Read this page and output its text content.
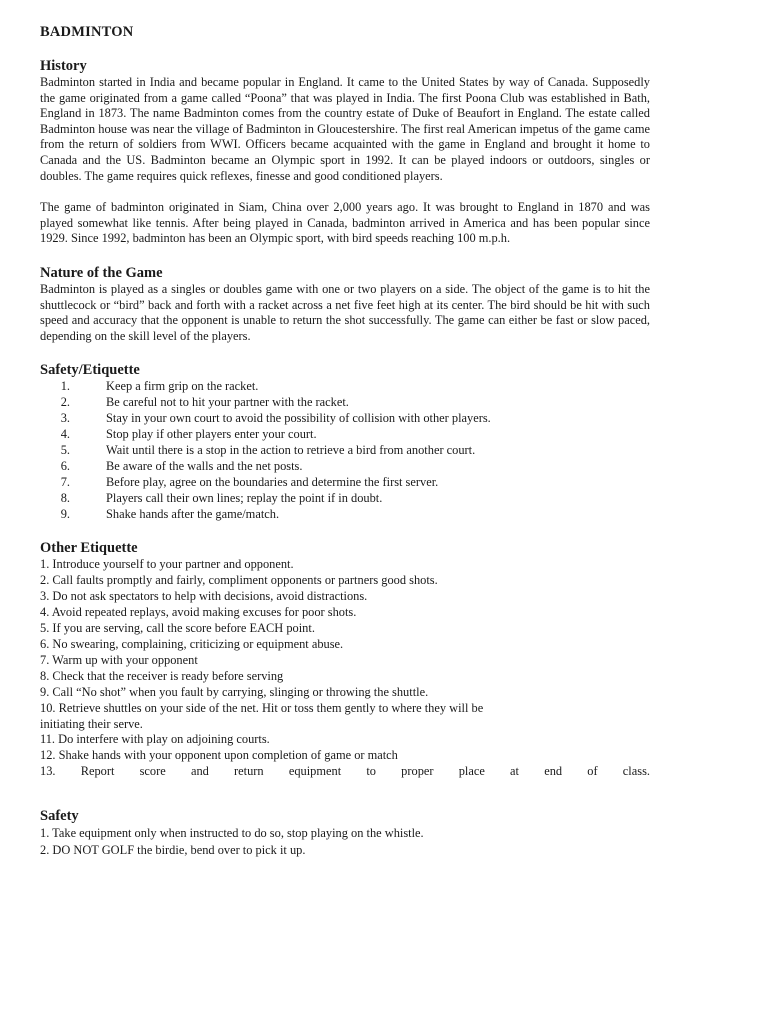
BADMINTON
History

Badminton started in India and became popular in England. It came to the United States by way of Canada. Supposedly the game originated from a game called “Poona” that was played in India. The first Poona Club was established in Bath, England in 1873. The name Badminton comes from the country estate of Duke of Beaufort in England. The estate called Badminton house was near the village of Badminton in Gloucestershire. The first real American impetus of the game came from the return of soldiers from WWI. Officers became acquainted with the game in England and brought it home to Canada and the US. Badminton became an Olympic sport in 1992. It can be played indoors or outdoors, singles or doubles. The game requires quick reflexes, finesse and good conditioned players.

The game of badminton originated in Siam, China over 2,000 years ago. It was brought to England in 1870 and was played somewhat like tennis. After being played in Canada, badminton arrived in America and has been popular since 1929. Since 1992, badminton has been an Olympic sport, with bird speeds reaching 100 m.p.h.

Nature of the Game

Badminton is played as a singles or doubles game with one or two players on a side. The object of the game is to hit the shuttlecock or “bird” back and forth with a racket across a net five feet high at its center. The bird should be hit with such speed and accuracy that the opponent is unable to return the shot successfully. The game can either be fast or slow paced, depending on the skill level of the players.

Safety/Etiquette
1.	Keep a firm grip on the racket.
2.	Be careful not to hit your partner with the racket.
3.	Stay in your own court to avoid the possibility of collision with other players.
4.	Stop play if other players enter your court.
5.	Wait until there is a stop in the action to retrieve a bird from another court.
6.	Be aware of the walls and the net posts.
7.	Before play, agree on the boundaries and determine the first server.
8.	Players call their own lines; replay the point if in doubt.
9.	Shake hands after the game/match.
Other Etiquette

1. Introduce yourself to your partner and opponent.

2. Call faults promptly and fairly, compliment opponents or partners good shots.

3. Do not ask spectators to help with decisions, avoid distractions.

4. Avoid repeated replays, avoid making excuses for poor shots.

5. If you are serving, call the score before EACH point.

6. No swearing, complaining, criticizing or equipment abuse.

7. Warm up with your opponent

8. Check that the receiver is ready before serving

9. Call “No shot” when you fault by carrying, slinging or throwing the shuttle.

10. Retrieve shuttles on your side of the net. Hit or toss them gently to where they will be

initiating their serve.

11. Do interfere with play on adjoining courts.

12. Shake hands with your opponent upon completion of game or match

13. Report score and return equipment to proper place at end of class.

Safety

1. Take equipment only when instructed to do so, stop playing on the whistle.

2. DO NOT GOLF the birdie, bend over to pick it up.
